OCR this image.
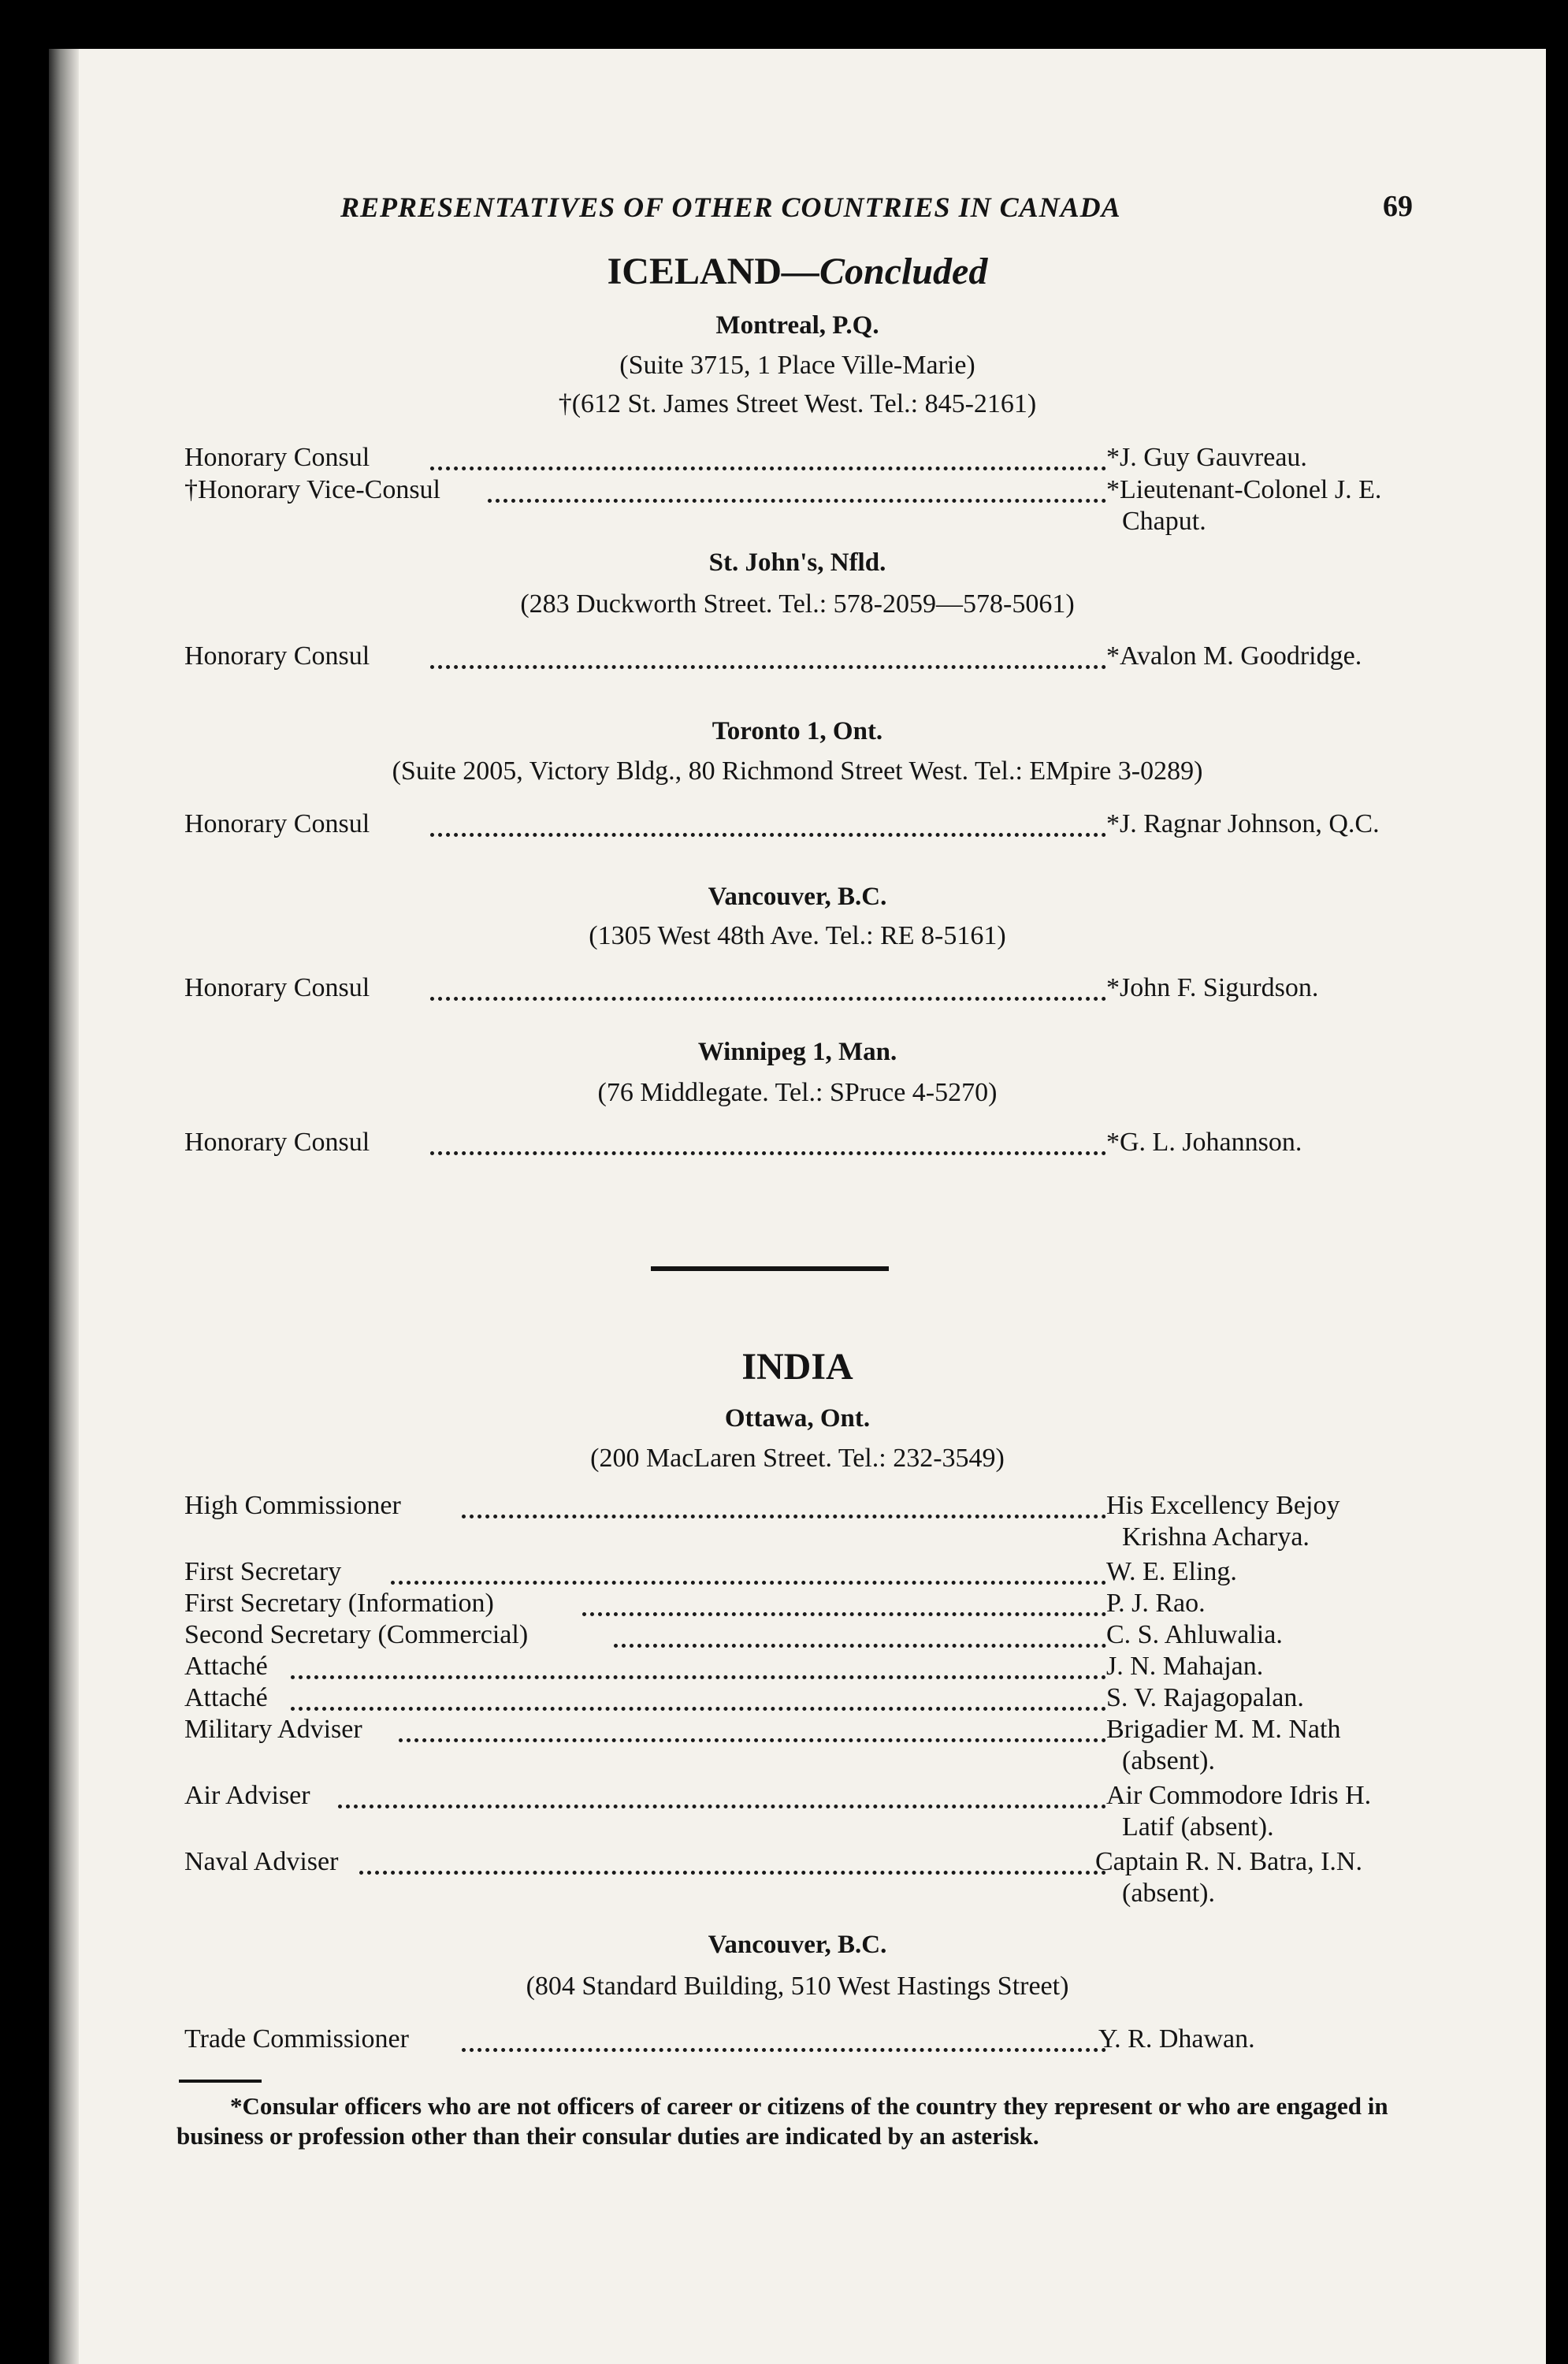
REPRESENTATIVES OF OTHER COUNTRIES IN CANADA	69
ICELAND—Concluded
Montreal, P.Q.
(Suite 3715, 1 Place Ville-Marie)
†(612 St. James Street West. Tel.: 845-2161)
Honorary Consul	*J. Guy Gauvreau.
†Honorary Vice-Consul	*Lieutenant-Colonel J. E.
Chaput.
St. John's, Nfld.
(283 Duckworth Street. Tel.: 578-2059—578-5061)
Honorary Consul	*Avalon M. Goodridge.
Toronto 1, Ont.
(Suite 2005, Victory Bldg., 80 Richmond Street West. Tel.: EMpire 3-0289)
Honorary Consul	*J. Ragnar Johnson, Q.C.
Vancouver, B.C.
(1305 West 48th Ave. Tel.: RE 8-5161)
Honorary Consul	*John F. Sigurdson.
Winnipeg 1, Man.
(76 Middlegate. Tel.: SPruce 4-5270)
Honorary Consul	*G. L. Johannson.
INDIA
Ottawa, Ont.
(200 MacLaren Street. Tel.: 232-3549)
High Commissioner	His Excellency Bejoy
Krishna Acharya.
First Secretary	W. E. Eling.
First Secretary (Information)	P. J. Rao.
Second Secretary (Commercial)	C. S. Ahluwalia.
Attaché	J. N. Mahajan.
Attaché	S. V. Rajagopalan.
Military Adviser	Brigadier M. M. Nath
(absent).
Air Adviser	Air Commodore Idris H.
Latif (absent).
Naval Adviser	Captain R. N. Batra, I.N.
(absent).
Vancouver, B.C.
(804 Standard Building, 510 West Hastings Street)
Trade Commissioner	Y. R. Dhawan.
*Consular officers who are not officers of career or citizens of the country they represent or who are engaged in business or profession other than their consular duties are indicated by an asterisk.
